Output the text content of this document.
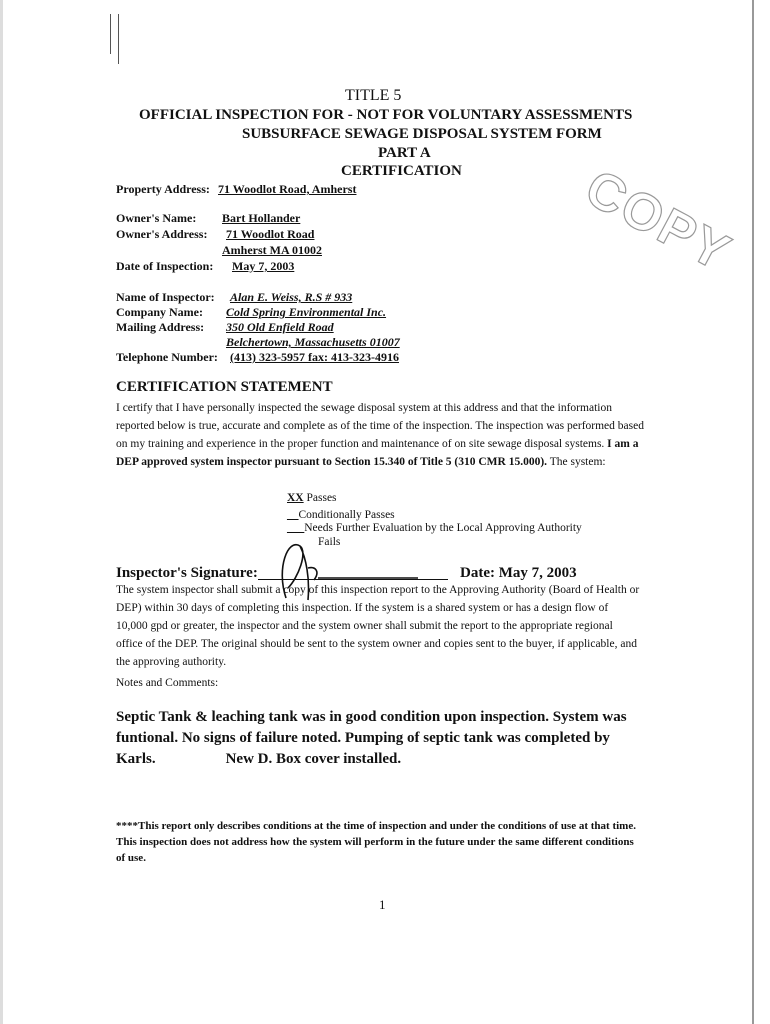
TITLE 5
OFFICIAL INSPECTION FOR - NOT FOR VOLUNTARY ASSESSMENTS
SUBSURFACE SEWAGE DISPOSAL SYSTEM FORM
PART A
CERTIFICATION COPY
Property Address: 71 Woodlot Road, Amherst
Owner's Name: Bart Hollander
Owner's Address: 71 Woodlot Road
Amherst MA 01002
Date of Inspection: May 7, 2003
Name of Inspector: Alan E. Weiss, R.S # 933
Company Name: Cold Spring Environmental Inc.
Mailing Address: 350 Old Enfield Road
Belchertown, Massachusetts 01007
Telephone Number: (413) 323-5957 fax: 413-323-4916
CERTIFICATION STATEMENT
I certify that I have personally inspected the sewage disposal system at this address and that the information reported below is true, accurate and complete as of the time of the inspection. The inspection was performed based on my training and experience in the proper function and maintenance of on site sewage disposal systems. I am a DEP approved system inspector pursuant to Section 15.340 of Title 5 (310 CMR 15.000). The system:
XX Passes
__Conditionally Passes
___Needs Further Evaluation by the Local Approving Authority
Fails
Inspector's Signature:	Date: May 7, 2003
The system inspector shall submit a copy of this inspection report to the Approving Authority (Board of Health or DEP) within 30 days of completing this inspection. If the system is a shared system or has a design flow of 10,000 gpd or greater, the inspector and the system owner shall submit the report to the appropriate regional office of the DEP. The original should be sent to the system owner and copies sent to the buyer, if applicable, and the approving authority.
Notes and Comments:
Septic Tank & leaching tank was in good condition upon inspection. System was
funtional. No signs of failure noted. Pumping of septic tank was completed by
Karls.	New D. Box cover installed.
****This report only describes conditions at the time of inspection and under the conditions of use at that time. This inspection does not address how the system will perform in the future under the same different conditions of use.
1
